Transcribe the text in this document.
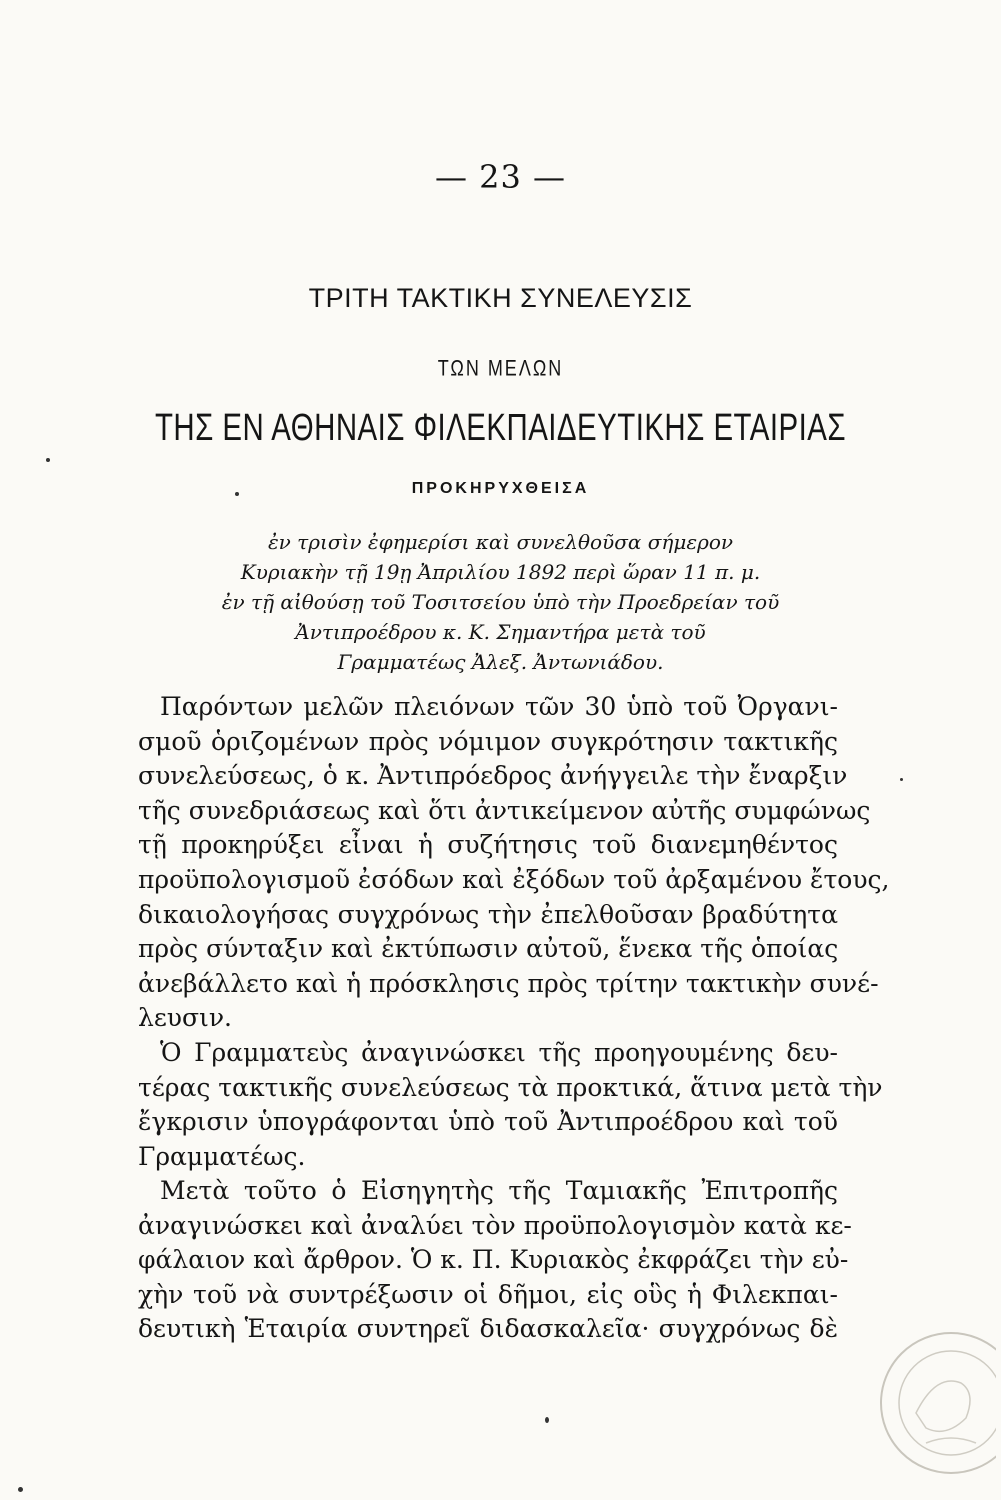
— 23 —
ΤΡΙΤΗ ΤΑΚΤΙΚΗ ΣΥΝΕΛΕΥΣΙΣ
ΤΩΝ ΜΕΛΩΝ
ΤΗΣ ΕΝ ΑΘΗΝΑΙΣ ΦΙΛΕΚΠΑΙΔΕΥΤΙΚΗΣ ΕΤΑΙΡΙΑΣ
ΠΡΟΚΗΡΥΧΘΕΙΣΑ
ἐν τρισὶν ἐφημερίσι καὶ συνελθοῦσα σήμερον
Κυριακὴν τῇ 19ῃ Ἀπριλίου 1892 περὶ ὥραν 11 π. μ.
ἐν τῇ αἰθούσῃ τοῦ Τοσιτσείου ὑπὸ τὴν Προεδρείαν τοῦ
Ἀντιπροέδρου κ. Κ. Σημαντήρα μετὰ τοῦ
Γραμματέως Ἀλεξ. Ἀντωνιάδου.
Παρόντων μελῶν πλειόνων τῶν 30 ὑπὸ τοῦ Ὀργανι-
σμοῦ ὁριζομένων πρὸς νόμιμον συγκρότησιν τακτικῆς
συνελεύσεως, ὁ κ. Ἀντιπρόεδρος ἀνήγγειλε τὴν ἔναρξιν
τῆς συνεδριάσεως καὶ ὅτι ἀντικείμενον αὐτῆς συμφώνως
τῇ προκηρύξει εἶναι ἡ συζήτησις τοῦ διανεμηθέντος
προϋπολογισμοῦ ἐσόδων καὶ ἐξόδων τοῦ ἀρξαμένου ἔτους,
δικαιολογήσας συγχρόνως τὴν ἐπελθοῦσαν βραδύτητα
πρὸς σύνταξιν καὶ ἐκτύπωσιν αὐτοῦ, ἕνεκα τῆς ὁποίας
ἀνεβάλλετο καὶ ἡ πρόσκλησις πρὸς τρίτην τακτικὴν συνέ-
λευσιν.
Ὁ Γραμματεὺς ἀναγινώσκει τῆς προηγουμένης δευ-
τέρας τακτικῆς συνελεύσεως τὰ προκτικά, ἅτινα μετὰ τὴν
ἔγκρισιν ὑπογράφονται ὑπὸ τοῦ Ἀντιπροέδρου καὶ τοῦ
Γραμματέως.
Μετὰ τοῦτο ὁ Εἰσηγητὴς τῆς Ταμιακῆς Ἐπιτροπῆς
ἀναγινώσκει καὶ ἀναλύει τὸν προϋπολογισμὸν κατὰ κε-
φάλαιον καὶ ἄρθρον. Ὁ κ. Π. Κυριακὸς ἐκφράζει τὴν εὐ-
χὴν τοῦ νὰ συντρέξωσιν οἱ δῆμοι, εἰς οὓς ἡ Φιλεκπαι-
δευτικὴ Ἑταιρία συντηρεῖ διδασκαλεῖα· συγχρόνως δὲ
